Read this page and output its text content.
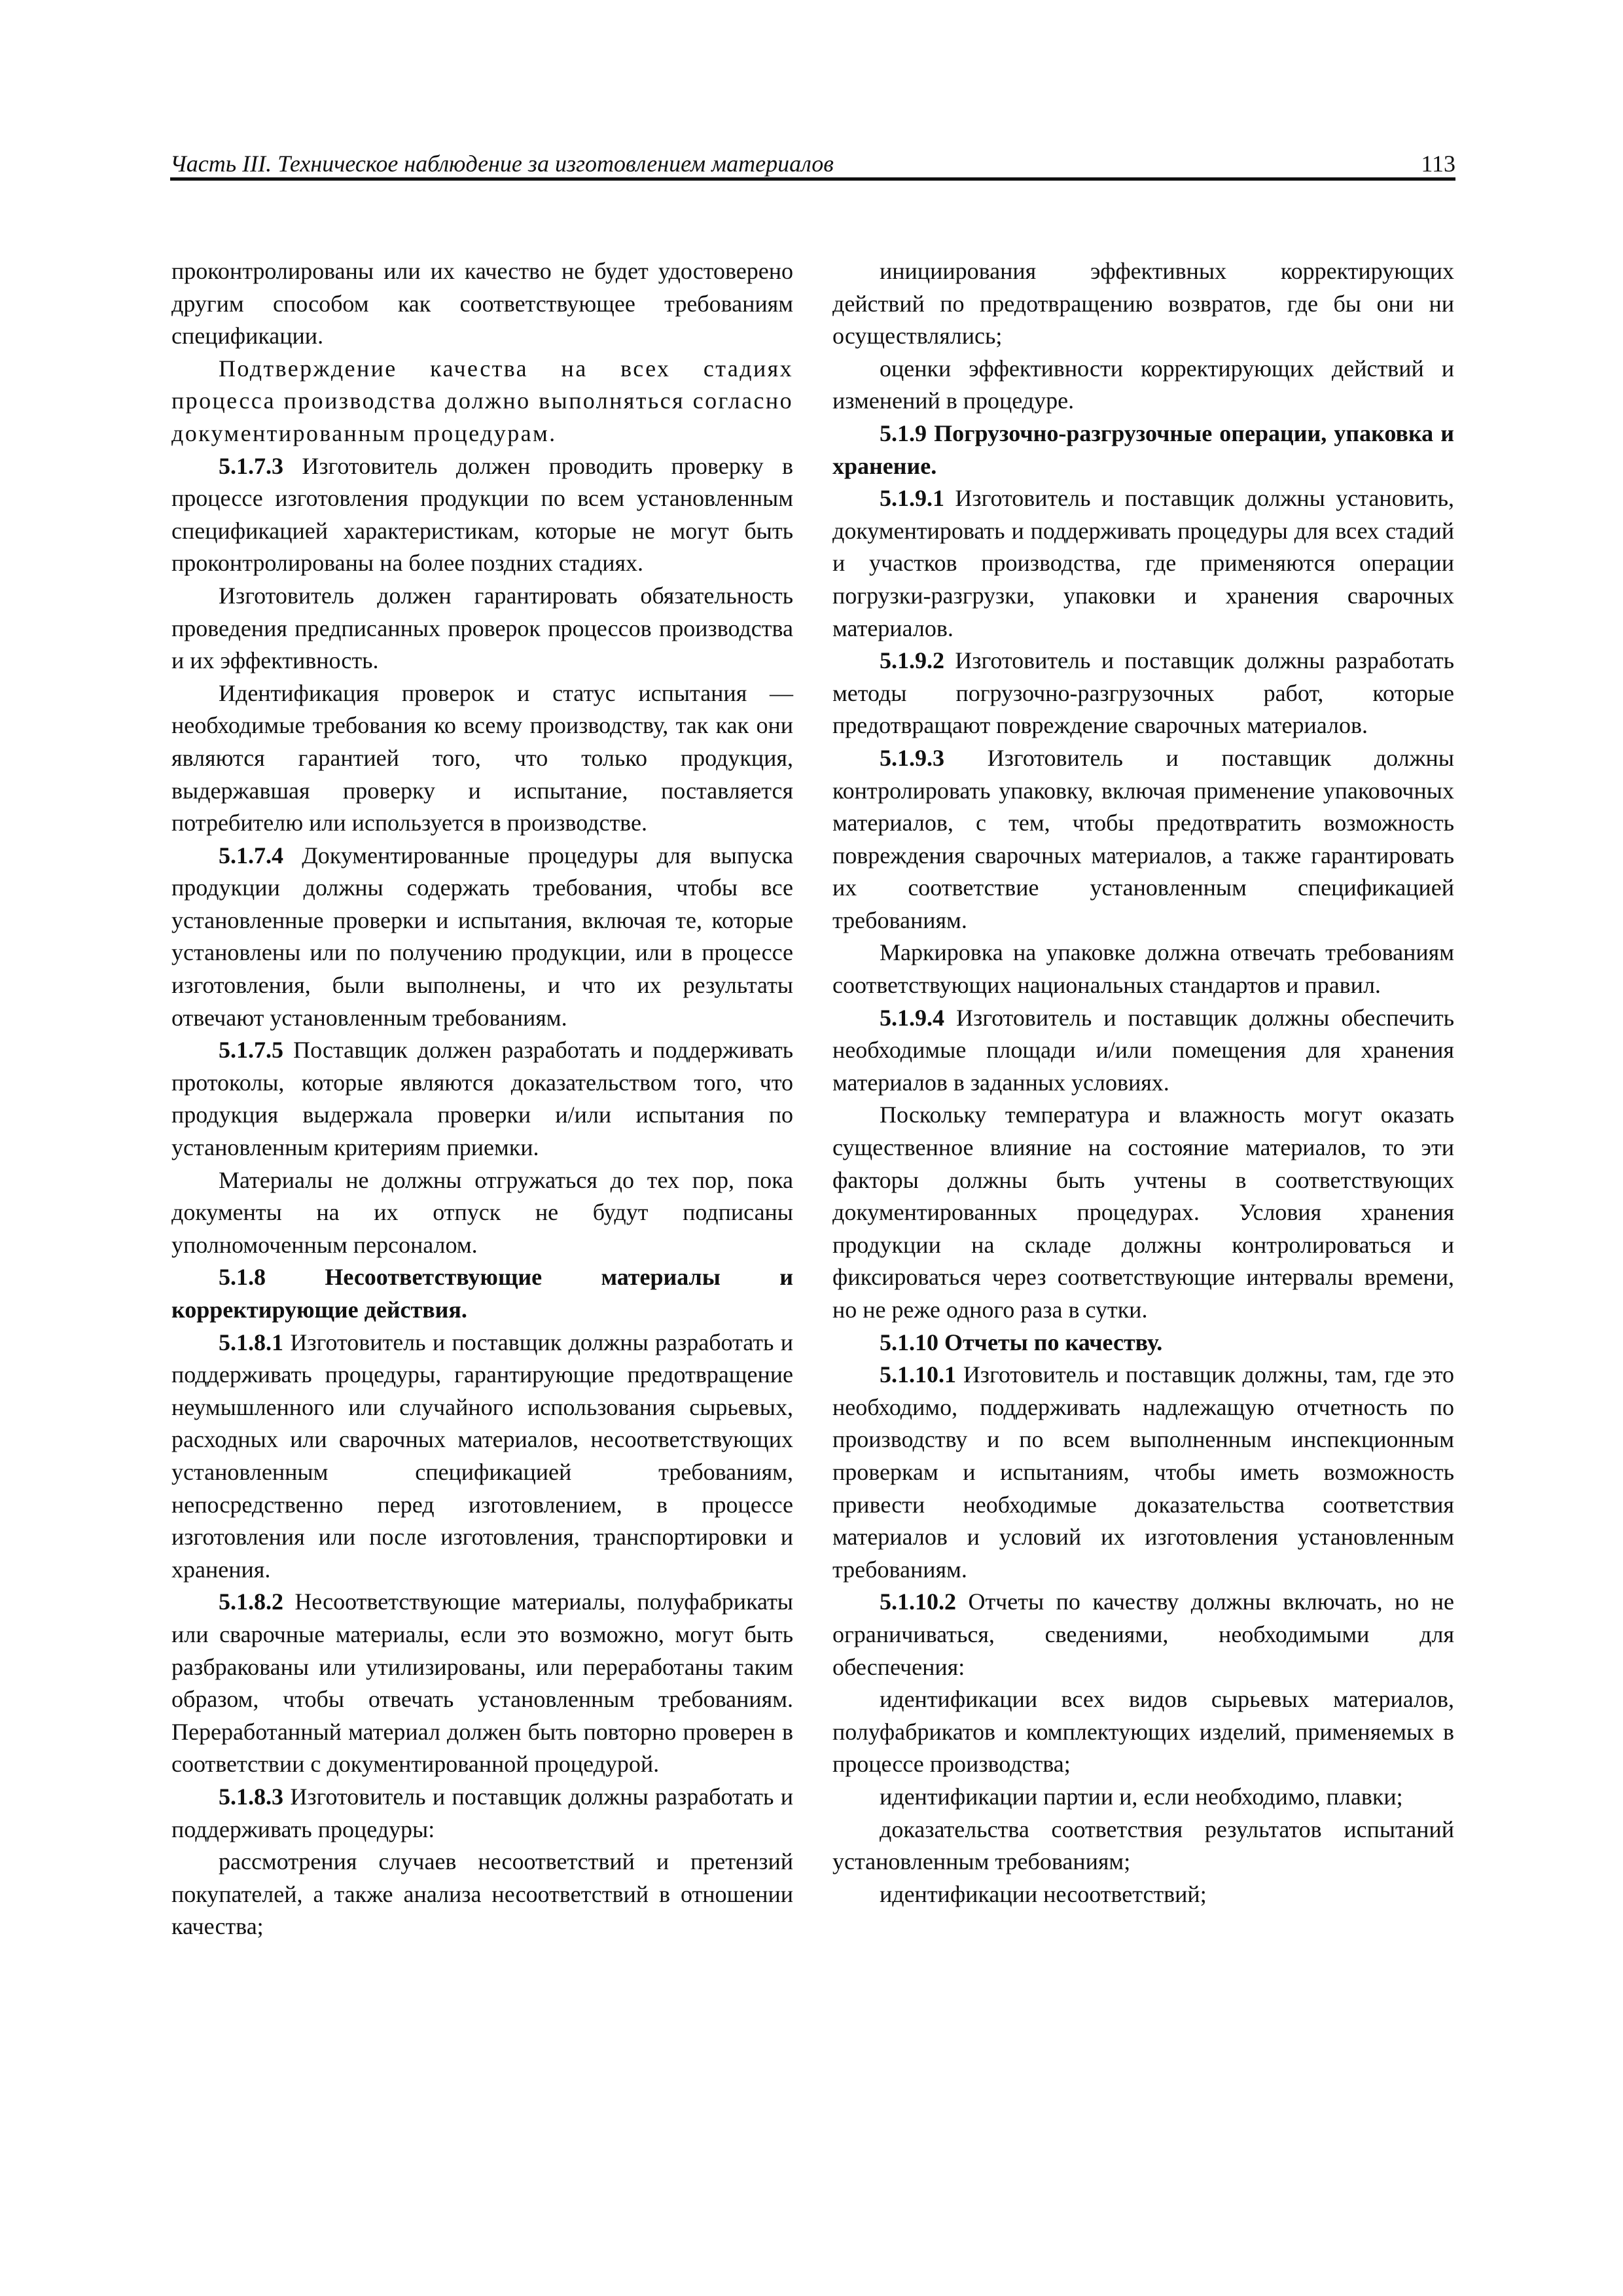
Часть III. Техническое наблюдение за изготовлением материалов	113

проконтролированы или их качество не будет удостоверено другим способом как соответствующее требованиям спецификации.

Подтверждение качества на всех стадиях процесса производства должно выполняться согласно документированным процедурам.

5.1.7.3 Изготовитель должен проводить проверку в процессе изготовления продукции по всем установленным спецификацией характеристикам, которые не могут быть проконтролированы на более поздних стадиях.

Изготовитель должен гарантировать обязательность проведения предписанных проверок процессов производства и их эффективность.

Идентификация проверок и статус испытания — необходимые требования ко всему производству, так как они являются гарантией того, что только продукция, выдержавшая проверку и испытание, поставляется потребителю или используется в производстве.

5.1.7.4 Документированные процедуры для выпуска продукции должны содержать требования, чтобы все установленные проверки и испытания, включая те, которые установлены или по получению продукции, или в процессе изготовления, были выполнены, и что их результаты отвечают установленным требованиям.

5.1.7.5 Поставщик должен разработать и поддерживать протоколы, которые являются доказательством того, что продукция выдержала проверки и/или испытания по установленным критериям приемки.

Материалы не должны отгружаться до тех пор, пока документы на их отпуск не будут подписаны уполномоченным персоналом.

5.1.8 Несоответствующие материалы и корректирующие действия.

5.1.8.1 Изготовитель и поставщик должны разработать и поддерживать процедуры, гарантирующие предотвращение неумышленного или случайного использования сырьевых, расходных или сварочных материалов, несоответствующих установленным спецификацией требованиям, непосредственно перед изготовлением, в процессе изготовления или после изготовления, транспортировки и хранения.

5.1.8.2 Несоответствующие материалы, полуфабрикаты или сварочные материалы, если это возможно, могут быть разбракованы или утилизированы, или переработаны таким образом, чтобы отвечать установленным требованиям. Переработанный материал должен быть повторно проверен в соответствии с документированной процедурой.

5.1.8.3 Изготовитель и поставщик должны разработать и поддерживать процедуры:

рассмотрения случаев несоответствий и претензий покупателей, а также анализа несоответствий в отношении качества;

инициирования эффективных корректирующих действий по предотвращению возвратов, где бы они ни осуществлялись;

оценки эффективности корректирующих действий и изменений в процедуре.

5.1.9 Погрузочно-разгрузочные операции, упаковка и хранение.

5.1.9.1 Изготовитель и поставщик должны установить, документировать и поддерживать процедуры для всех стадий и участков производства, где применяются операции погрузки-разгрузки, упаковки и хранения сварочных материалов.

5.1.9.2 Изготовитель и поставщик должны разработать методы погрузочно-разгрузочных работ, которые предотвращают повреждение сварочных материалов.

5.1.9.3 Изготовитель и поставщик должны контролировать упаковку, включая применение упаковочных материалов, с тем, чтобы предотвратить возможность повреждения сварочных материалов, а также гарантировать их соответствие установленным спецификацией требованиям.

Маркировка на упаковке должна отвечать требованиям соответствующих национальных стандартов и правил.

5.1.9.4 Изготовитель и поставщик должны обеспечить необходимые площади и/или помещения для хранения материалов в заданных условиях.

Поскольку температура и влажность могут оказать существенное влияние на состояние материалов, то эти факторы должны быть учтены в соответствующих документированных процедурах. Условия хранения продукции на складе должны контролироваться и фиксироваться через соответствующие интервалы времени, но не реже одного раза в сутки.

5.1.10 Отчеты по качеству.

5.1.10.1 Изготовитель и поставщик должны, там, где это необходимо, поддерживать надлежащую отчетность по производству и по всем выполненным инспекционным проверкам и испытаниям, чтобы иметь возможность привести необходимые доказательства соответствия материалов и условий их изготовления установленным требованиям.

5.1.10.2 Отчеты по качеству должны включать, но не ограничиваться, сведениями, необходимыми для обеспечения:

идентификации всех видов сырьевых материалов, полуфабрикатов и комплектующих изделий, применяемых в процессе производства;

идентификации партии и, если необходимо, плавки;

доказательства соответствия результатов испытаний установленным требованиям;

идентификации несоответствий;
